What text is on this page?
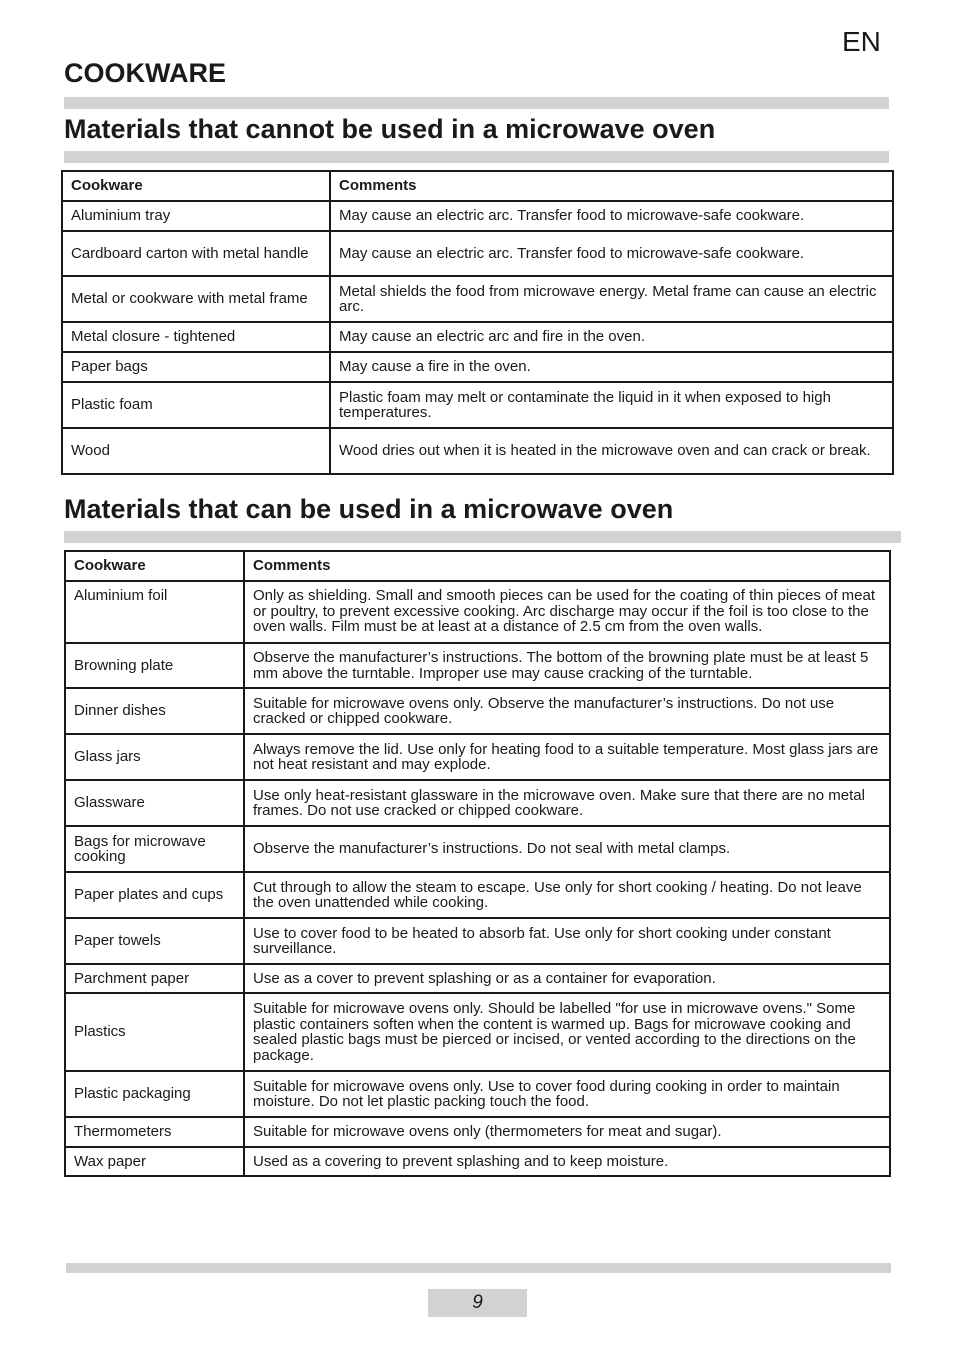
EN
COOKWARE
Materials that cannot be used in a microwave oven
Cookware	Comments
Aluminium tray	May cause an electric arc. Transfer food to microwave-safe cookware.
Cardboard carton with metal handle	May cause an electric arc. Transfer food to microwave-safe cookware.
Metal or cookware with metal frame	Metal shields the food from microwave energy. Metal frame can cause an electric arc.
Metal closure - tightened	May cause an electric arc and fire in the oven.
Paper bags	May cause a fire in the oven.
Plastic foam	Plastic foam may melt or contaminate the liquid in it when exposed to high temperatures.
Wood	Wood dries out when it is heated in the microwave oven and can crack or break.
Materials that can be used in a microwave oven
Cookware	Comments
Aluminium foil	Only as shielding. Small and smooth pieces can be used for the coating of thin pieces of meat or poultry, to prevent excessive cooking. Arc discharge may occur if the foil is too close to the oven walls. Film must be at least at a distance of 2.5 cm from the oven walls.
Browning plate	Observe the manufacturer’s instructions. The bottom of the browning plate must be at least 5 mm above the turntable. Improper use may cause cracking of the turntable.
Dinner dishes	Suitable for microwave ovens only. Observe the manufacturer’s instructions. Do not use cracked or chipped cookware.
Glass jars	Always remove the lid. Use only for heating food to a suitable temperature. Most glass jars are not heat resistant and may explode.
Glassware	Use only heat-resistant glassware in the microwave oven. Make sure that there are no metal frames. Do not use cracked or chipped cookware.
Bags for microwave cooking	Observe the manufacturer’s instructions. Do not seal with metal clamps.
Paper plates and cups	Cut through to allow the steam to escape. Use only for short cooking / heating. Do not leave the oven unattended while cooking.
Paper towels	Use to cover food to be heated to absorb fat. Use only for short cooking under constant surveillance.
Parchment paper	Use as a cover to prevent splashing or as a container for evaporation.
Plastics	Suitable for microwave ovens only. Should be labelled "for use in microwave ovens." Some plastic containers soften when the content is warmed up. Bags for microwave cooking and sealed plastic bags must be pierced or incised, or vented according to the directions on the package.
Plastic packaging	Suitable for microwave ovens only. Use to cover food during cooking in order to maintain moisture. Do not let plastic packing touch the food.
Thermometers	Suitable for microwave ovens only (thermometers for meat and sugar).
Wax paper	Used as a covering to prevent splashing and to keep moisture.
9
